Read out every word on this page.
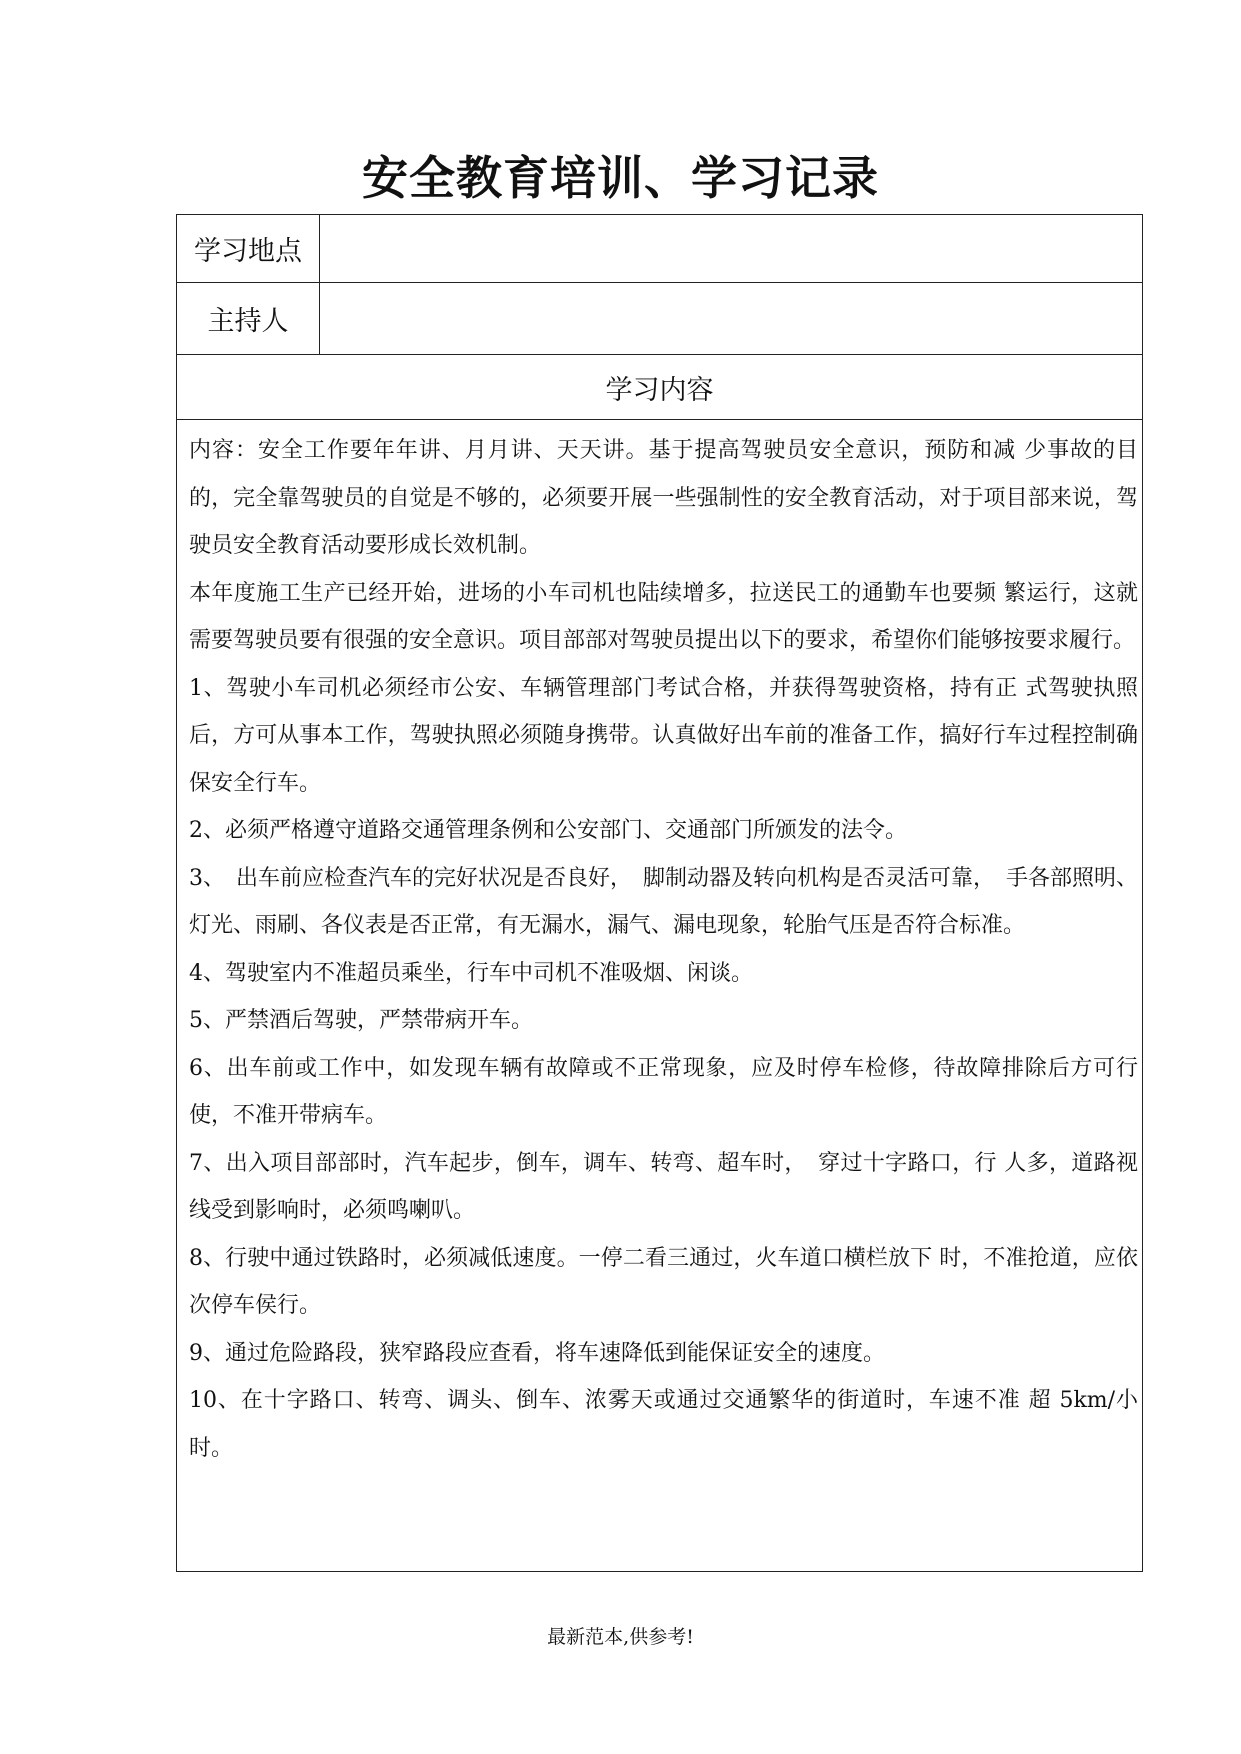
安全教育培训、学习记录
学习地点
主持人
学习内容

内容：安全工作要年年讲、月月讲、天天讲。基于提高驾驶员安全意识，预防和减 少事故的目的，完全靠驾驶员的自觉是不够的，必须要开展一些强制性的安全教育活动，对于项目部来说，驾驶员安全教育活动要形成长效机制。

本年度施工生产已经开始，进场的小车司机也陆续增多，拉送民工的通勤车也要频 繁运行，这就需要驾驶员要有很强的安全意识。项目部部对驾驶员提出以下的要求，希望你们能够按要求履行。

1、驾驶小车司机必须经市公安、车辆管理部门考试合格，并获得驾驶资格，持有正 式驾驶执照后，方可从事本工作，驾驶执照必须随身携带。认真做好出车前的准备工作，搞好行车过程控制确保安全行车。

2、必须严格遵守道路交通管理条例和公安部门、交通部门所颁发的法令。

3、　出车前应检查汽车的完好状况是否良好，　脚制动器及转向机构是否灵活可靠，　手各部照明、灯光、雨刷、各仪表是否正常，有无漏水，漏气、漏电现象，轮胎气压是否符合标准。

4、驾驶室内不准超员乘坐，行车中司机不准吸烟、闲谈。

5、严禁酒后驾驶，严禁带病开车。

6、出车前或工作中，如发现车辆有故障或不正常现象，应及时停车检修，待故障排除后方可行使，不准开带病车。

7、出入项目部部时，汽车起步，倒车，调车、转弯、超车时，　穿过十字路口，行 人多，道路视线受到影响时，必须鸣喇叭。

8、行驶中通过铁路时，必须减低速度。一停二看三通过，火车道口横栏放下 时，不准抢道，应依次停车侯行。

9、通过危险路段，狭窄路段应查看，将车速降低到能保证安全的速度。

10、在十字路口、转弯、调头、倒车、浓雾天或通过交通繁华的街道时，车速不准 超 5km/小时。

最新范本,供参考!
